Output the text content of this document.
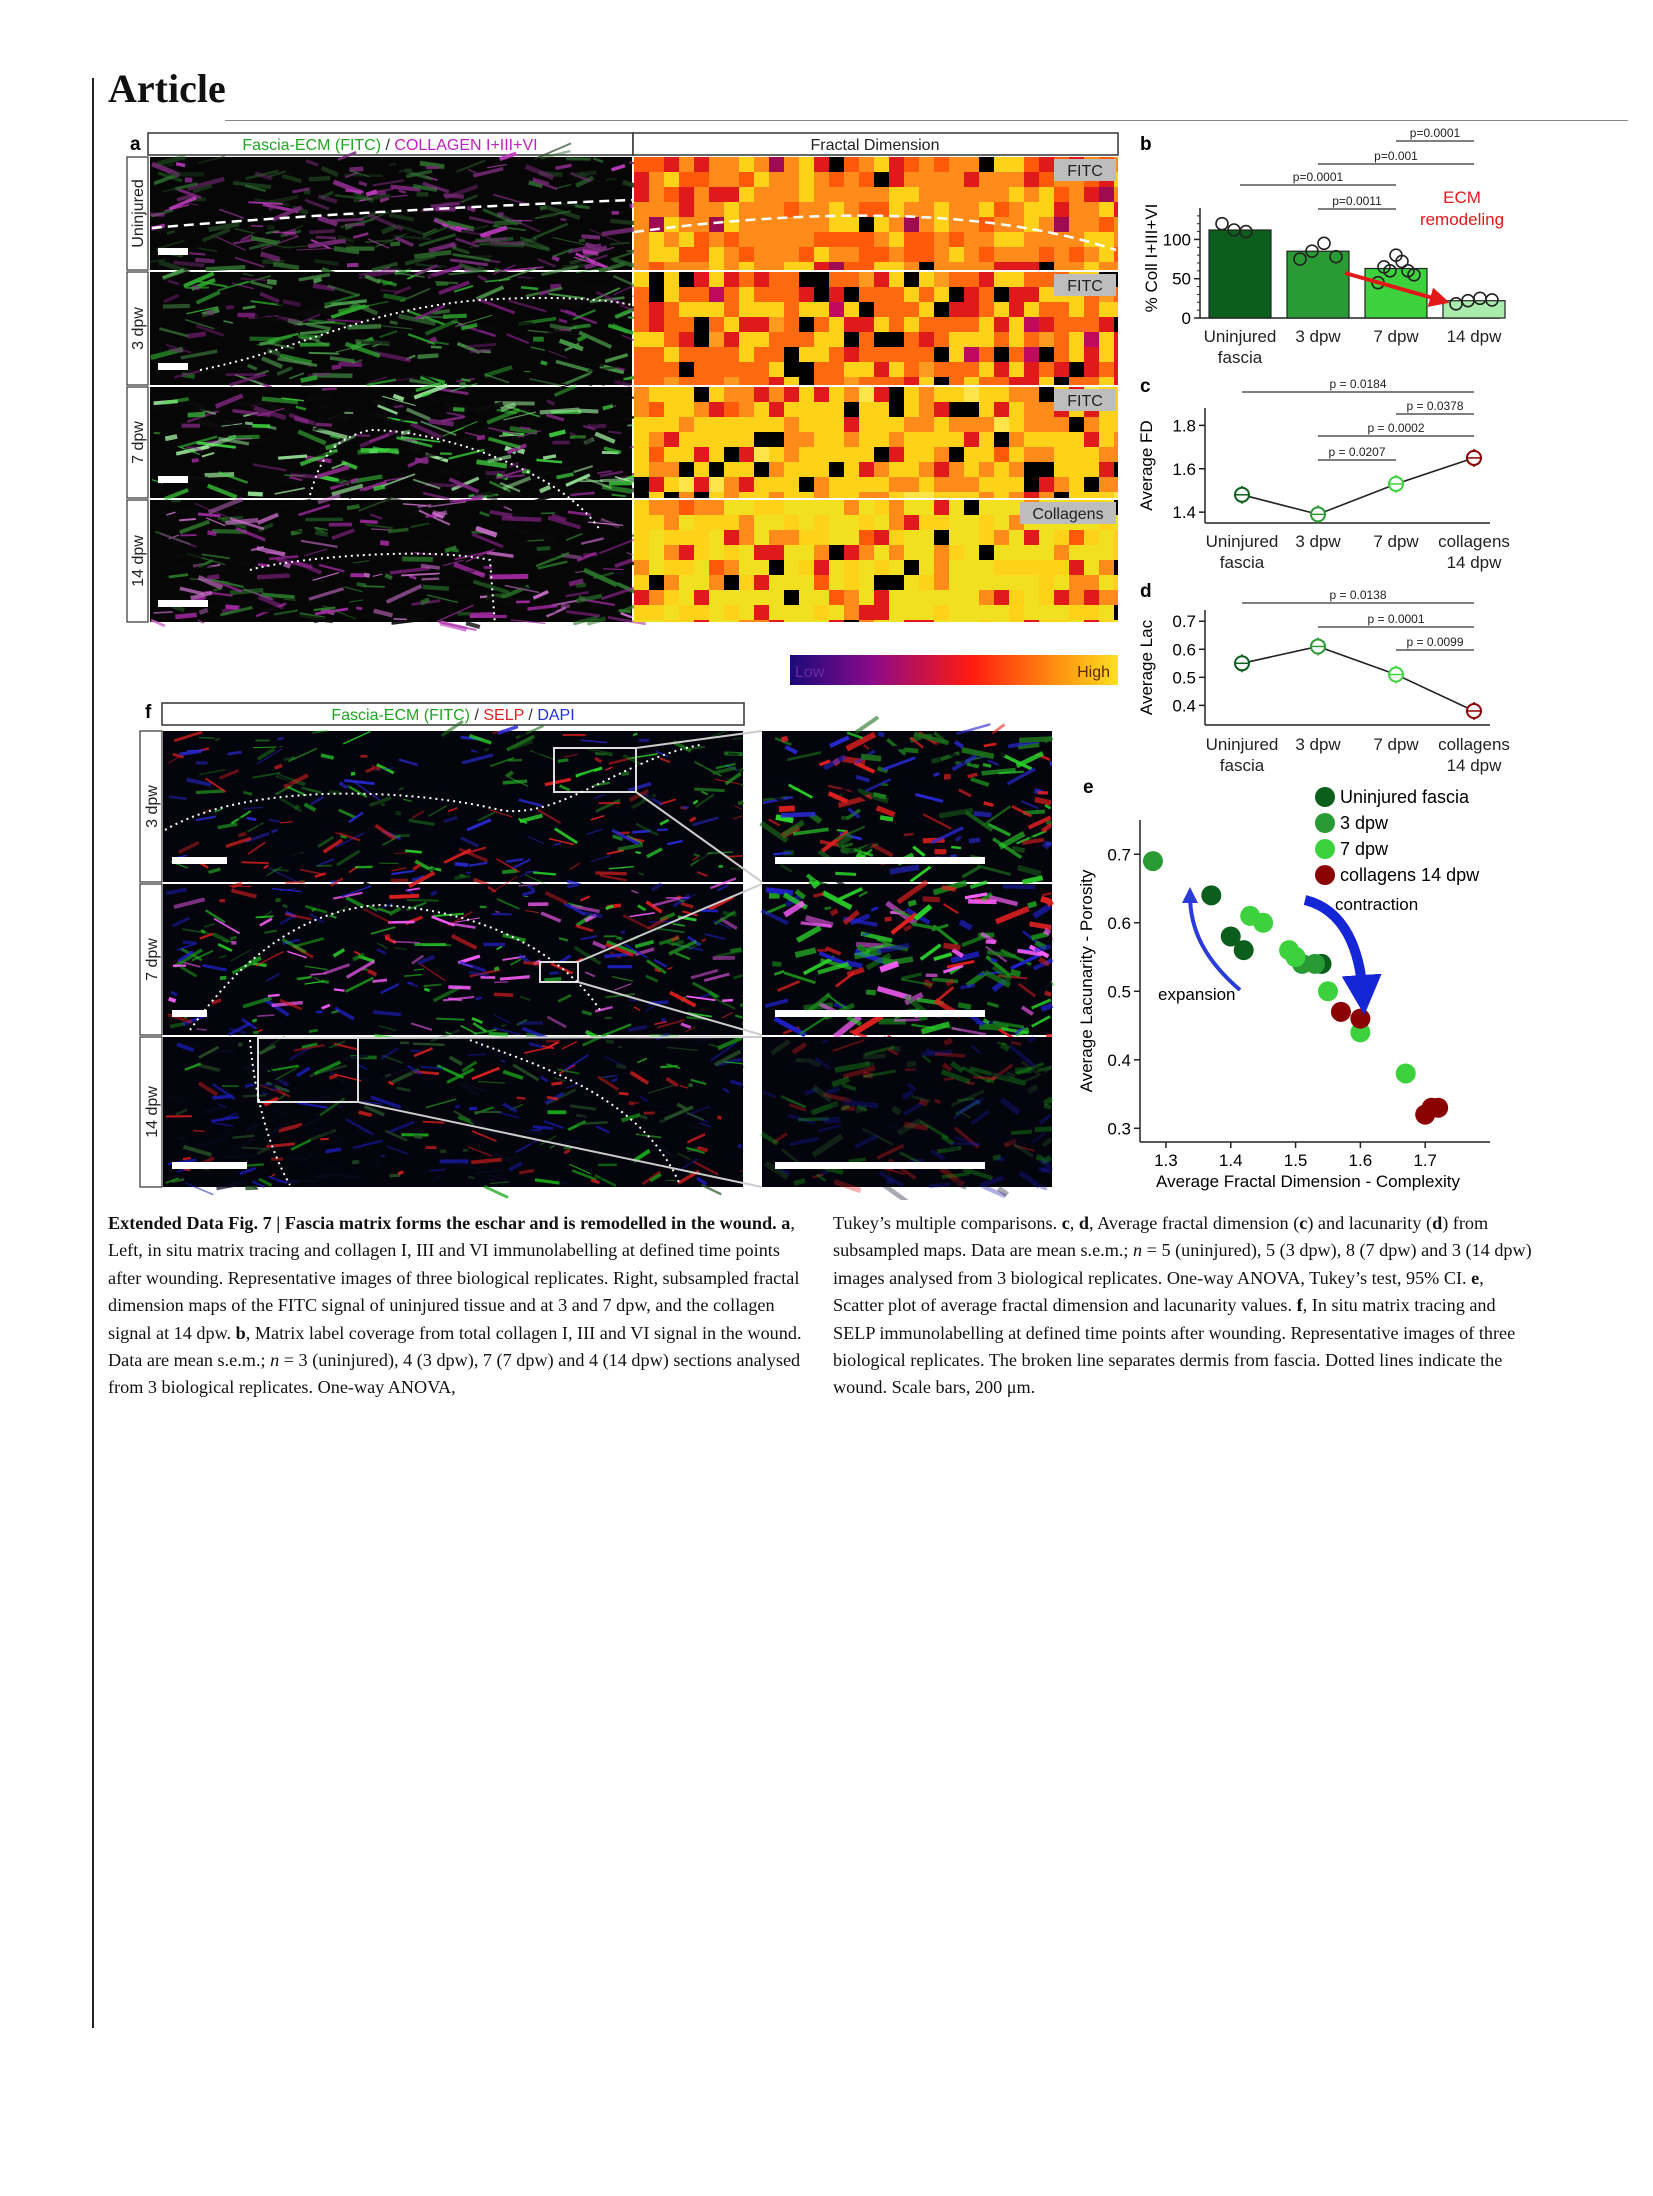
Article
a	Fascia-ECM (FITC) / COLLAGEN I+III+VI	Fractal Dimension
Uninjured
FITC
3 dpw
FITC
7 dpw
FITC
14 dpw
Collagens
Low	High
f	Fascia-ECM (FITC) / SELP / DAPI
3 dpw
7 dpw
14 dpw
b
0
50
100
% Coll I+III+VI
Uninjured fascia
3 dpw 7 dpw 14 dpw
p=0.0001
p=0.0011
p=0.001
p=0.0001
ECM
remodeling
c
1.4
1.6
1.8
Average FD
Uninjured fascia
3 dpw 7 dpw collagens 14 dpw
p = 0.0184
p = 0.0378
p = 0.0002
p = 0.0207
d
0.4
0.5
0.6
0.7
Average Lac
Uninjured fascia
3 dpw 7 dpw collagens 14 dpw
p = 0.0138
p = 0.0001
p = 0.0099
e
1.3 1.4 1.5 1.6 1.7
0.3
0.4
0.5
0.6
0.7
Average Fractal Dimension - Complexity
Average Lacunarity - Porosity
Uninjured fascia
3 dpw
7 dpw
collagens 14 dpw
expansion
contraction
Extended Data Fig. 7 | Fascia matrix forms the eschar and is remodelled in the wound. a, Left, in situ matrix tracing and collagen I, III and VI immunolabelling at defined time points after wounding. Representative images of three biological replicates. Right, subsampled fractal dimension maps of the FITC signal of uninjured tissue and at 3 and 7 dpw, and the collagen signal at 14 dpw. b, Matrix label coverage from total collagen I, III and VI signal in the wound. Data are mean s.e.m.; n = 3 (uninjured), 4 (3 dpw), 7 (7 dpw) and 4 (14 dpw) sections analysed from 3 biological replicates. One-way ANOVA,
Tukey’s multiple comparisons. c, d, Average fractal dimension (c) and lacunarity (d) from subsampled maps. Data are mean s.e.m.; n = 5 (uninjured), 5 (3 dpw), 8 (7 dpw) and 3 (14 dpw) images analysed from 3 biological replicates. One-way ANOVA, Tukey’s test, 95% CI. e, Scatter plot of average fractal dimension and lacunarity values. f, In situ matrix tracing and SELP immunolabelling at defined time points after wounding. Representative images of three biological replicates. The broken line separates dermis from fascia. Dotted lines indicate the wound. Scale bars, 200 μm.
